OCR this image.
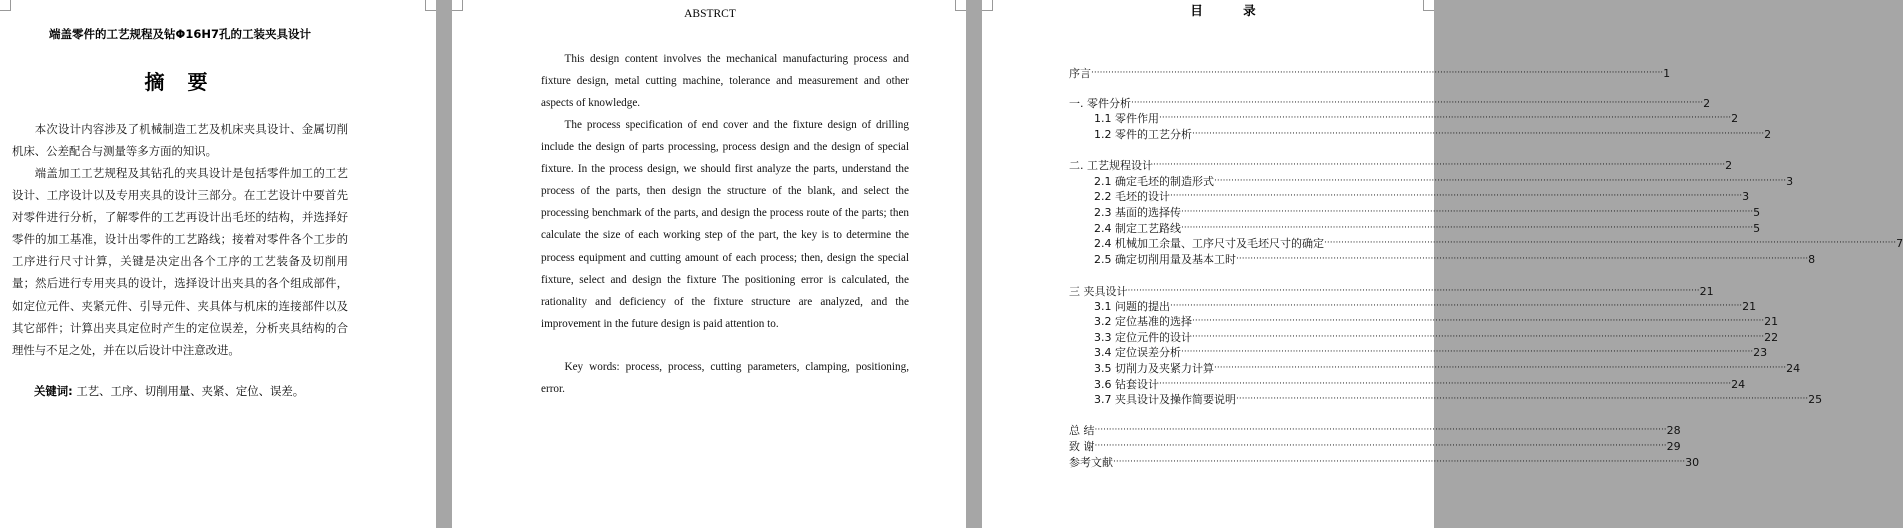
端盖零件的工艺规程及钻Φ16H7孔的工装夹具设计
摘 要
本次设计内容涉及了机械制造工艺及机床夹具设计、金属切削机床、公差配合与测量等多方面的知识。
端盖加工工艺规程及其钻孔的夹具设计是包括零件加工的工艺设计、工序设计以及专用夹具的设计三部分。在工艺设计中要首先对零件进行分析，了解零件的工艺再设计出毛坯的结构，并选择好零件的加工基准，设计出零件的工艺路线；接着对零件各个工步的工序进行尺寸计算，关键是决定出各个工序的工艺装备及切削用量；然后进行专用夹具的设计，选择设计出夹具的各个组成部件，如定位元件、夹紧元件、引导元件、夹具体与机床的连接部件以及其它部件；计算出夹具定位时产生的定位误差，分析夹具结构的合理性与不足之处，并在以后设计中注意改进。
关键词: 工艺、工序、切削用量、夹紧、定位、误差。
ABSTRCT
This design content involves the mechanical manufacturing process and fixture design, metal cutting machine, tolerance and measurement and other aspects of knowledge.
The process specification of end cover and the fixture design of drilling include the design of parts processing, process design and the design of special fixture. In the process design, we should first analyze the parts, understand the process of the parts, then design the structure of the blank, and select the processing benchmark of the parts, and design the process route of the parts; then calculate the size of each working step of the part, the key is to determine the process equipment and cutting amount of each process; then, design the special fixture, select and design the fixture The positioning error is calculated, the rationality and deficiency of the fixture structure are analyzed, and the improvement in the future design is paid attention to.
Key words: process, process, cutting parameters, clamping, positioning, error.
目 录
序言 ········································································································································································································ 1
一. 零件分析 ········································································································································································································ 2
1.1 零件作用 ········································································································································································································ 2
1.2 零件的工艺分析 ········································································································································································································ 2
二. 工艺规程设计 ········································································································································································································ 2
2.1 确定毛坯的制造形式 ········································································································································································································ 3
2.2 毛坯的设计 ········································································································································································································ 3
2.3 基面的选择传 ········································································································································································································ 5
2.4 制定工艺路线 ········································································································································································································ 5
2.4 机械加工余量、工序尺寸及毛坯尺寸的确定 ········································································································································································································ 7
2.5 确定切削用量及基本工时 ········································································································································································································ 8
三 夹具设计 ········································································································································································································ 21
3.1 问题的提出 ········································································································································································································ 21
3.2 定位基准的选择 ········································································································································································································ 21
3.3 定位元件的设计 ········································································································································································································ 22
3.4 定位误差分析 ········································································································································································································ 23
3.5 切削力及夹紧力计算 ········································································································································································································ 24
3.6 钻套设计 ········································································································································································································ 24
3.7 夹具设计及操作简要说明 ········································································································································································································ 25
总 结 ········································································································································································································ 28
致 谢 ········································································································································································································ 29
参考文献 ········································································································································································································ 30
